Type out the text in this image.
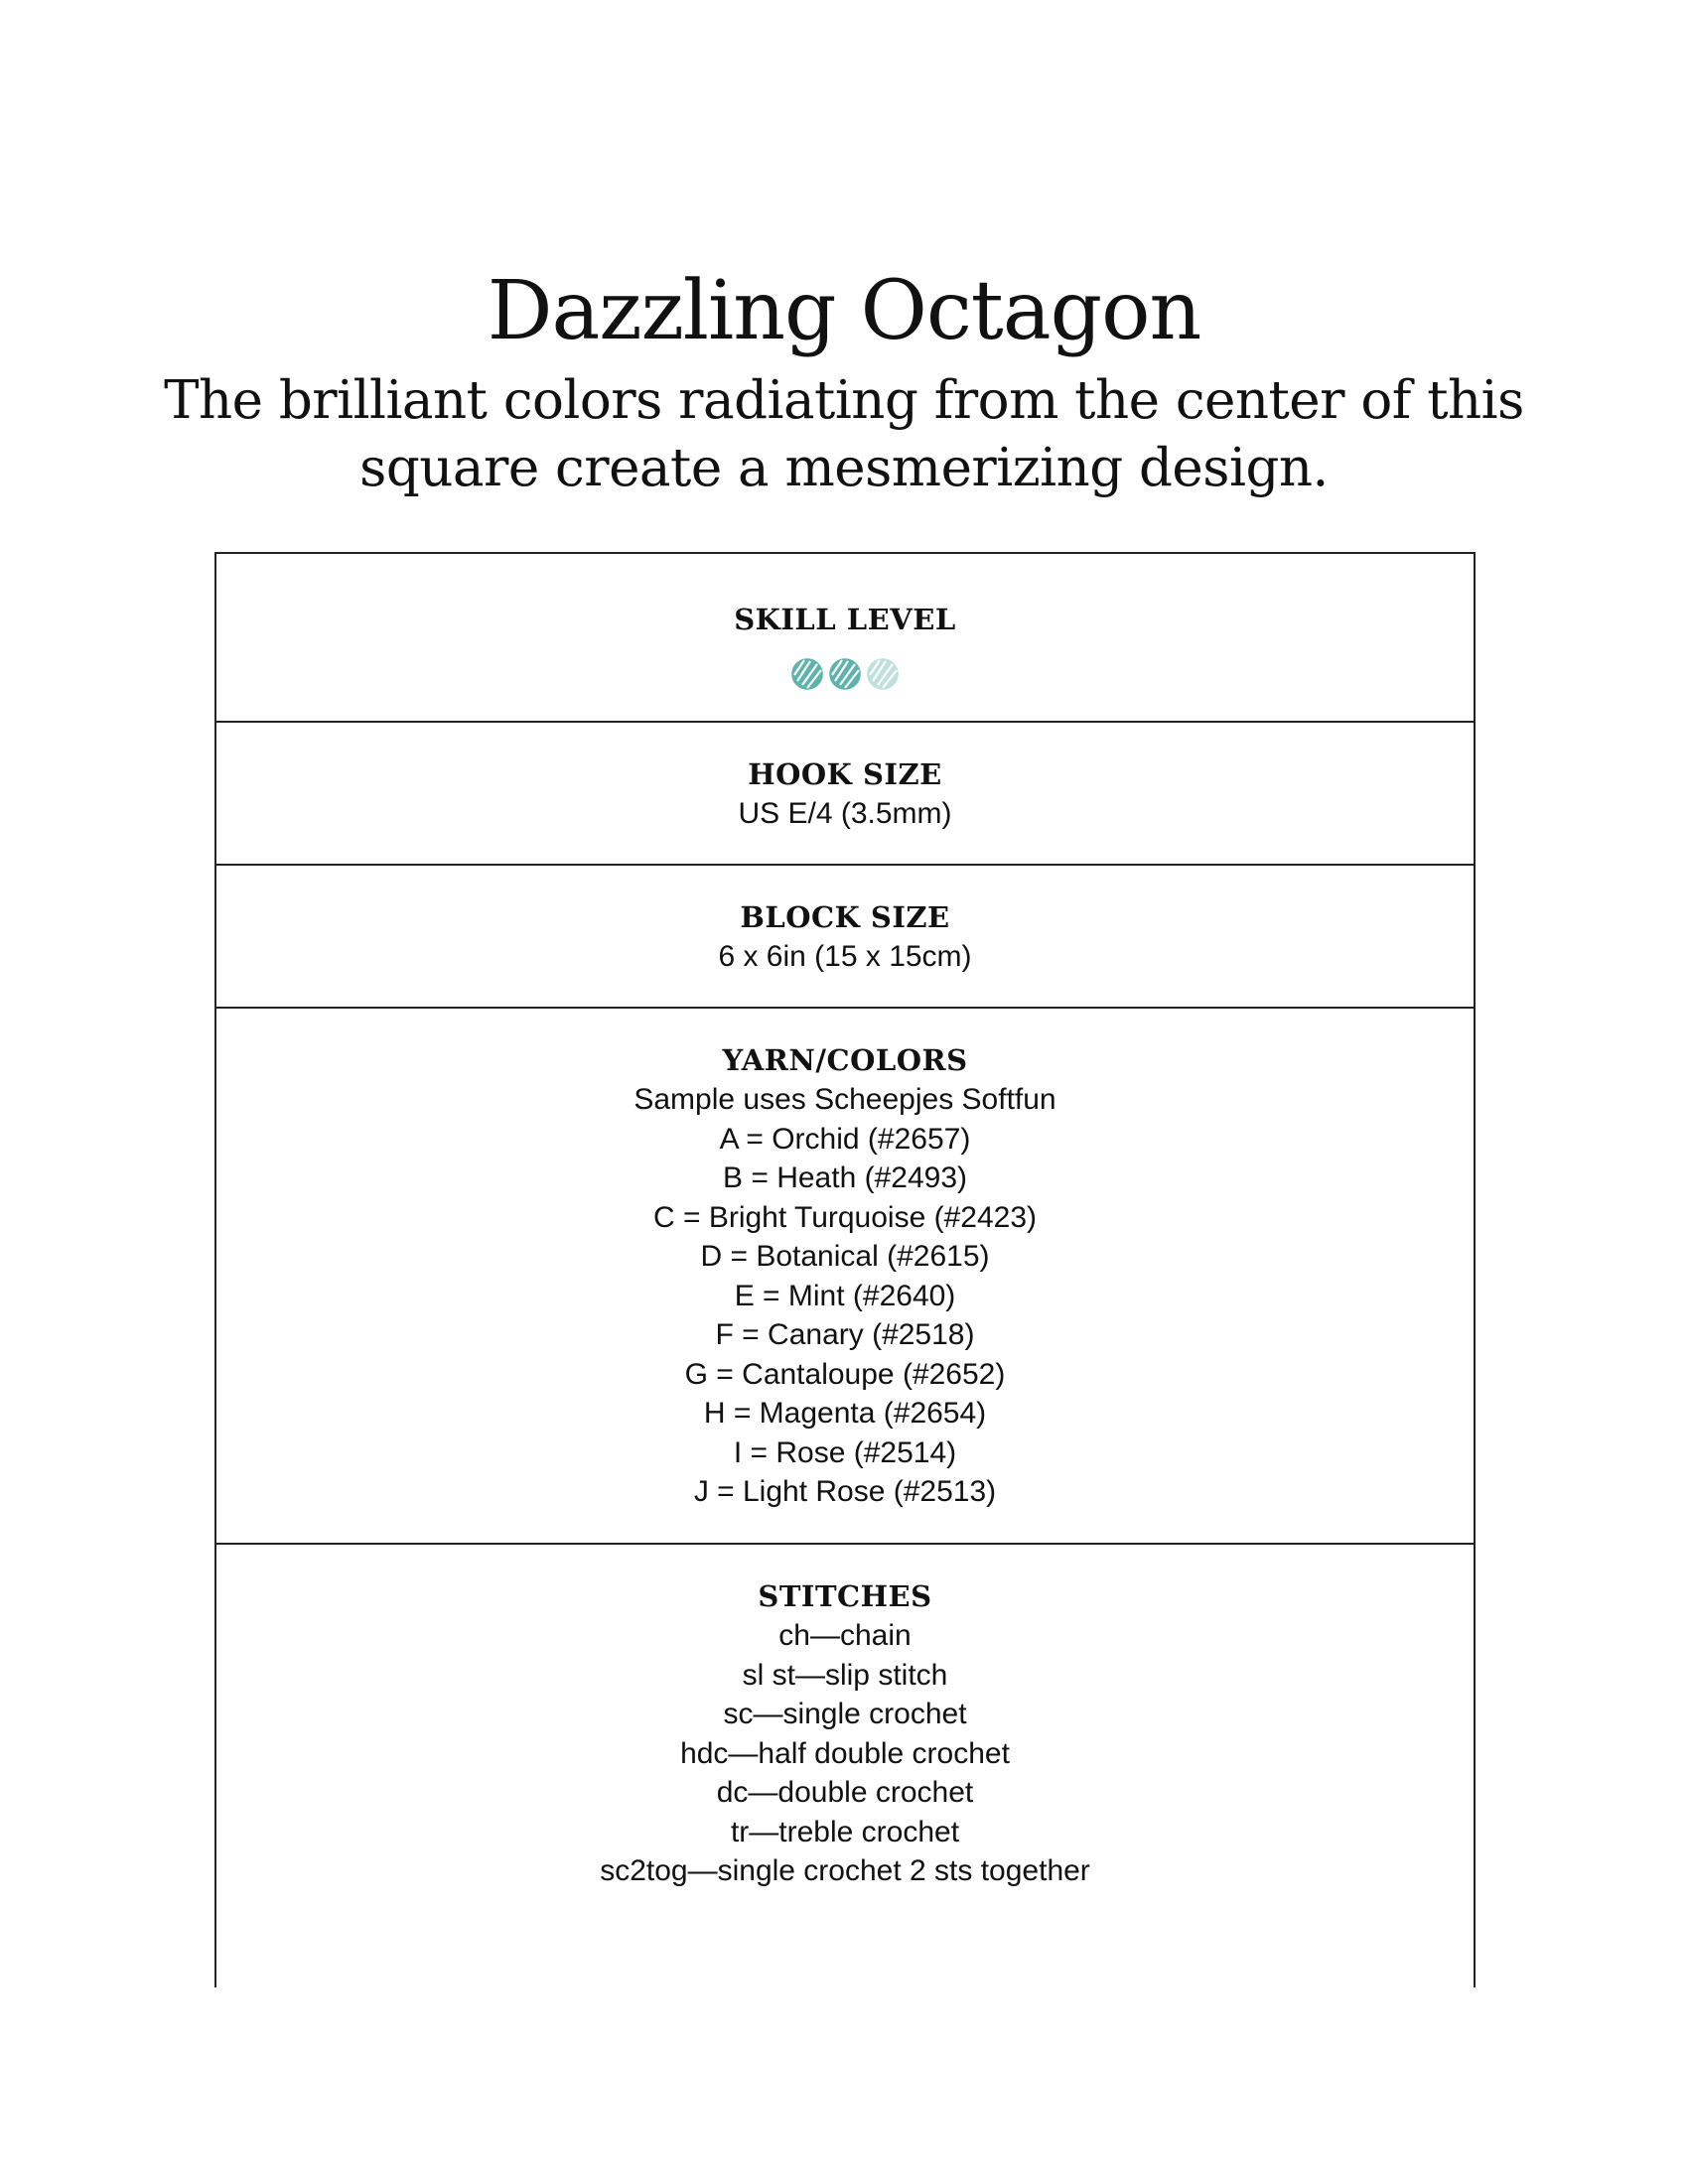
Dazzling Octagon

The brilliant colors radiating from the center of this square create a mesmerizing design.

SKILL LEVEL

HOOK SIZE

US E/4 (3.5mm)

BLOCK SIZE

6 x 6in (15 x 15cm)

YARN/COLORS

Sample uses Scheepjes Softfun

A = Orchid (#2657)

B = Heath (#2493)

C = Bright Turquoise (#2423)

D = Botanical (#2615)

E = Mint (#2640)

F = Canary (#2518)

G = Cantaloupe (#2652)

H = Magenta (#2654)

I = Rose (#2514)

J = Light Rose (#2513)

STITCHES

ch—chain

sl st—slip stitch

sc—single crochet

hdc—half double crochet

dc—double crochet

tr—treble crochet

sc2tog—single crochet 2 sts together
